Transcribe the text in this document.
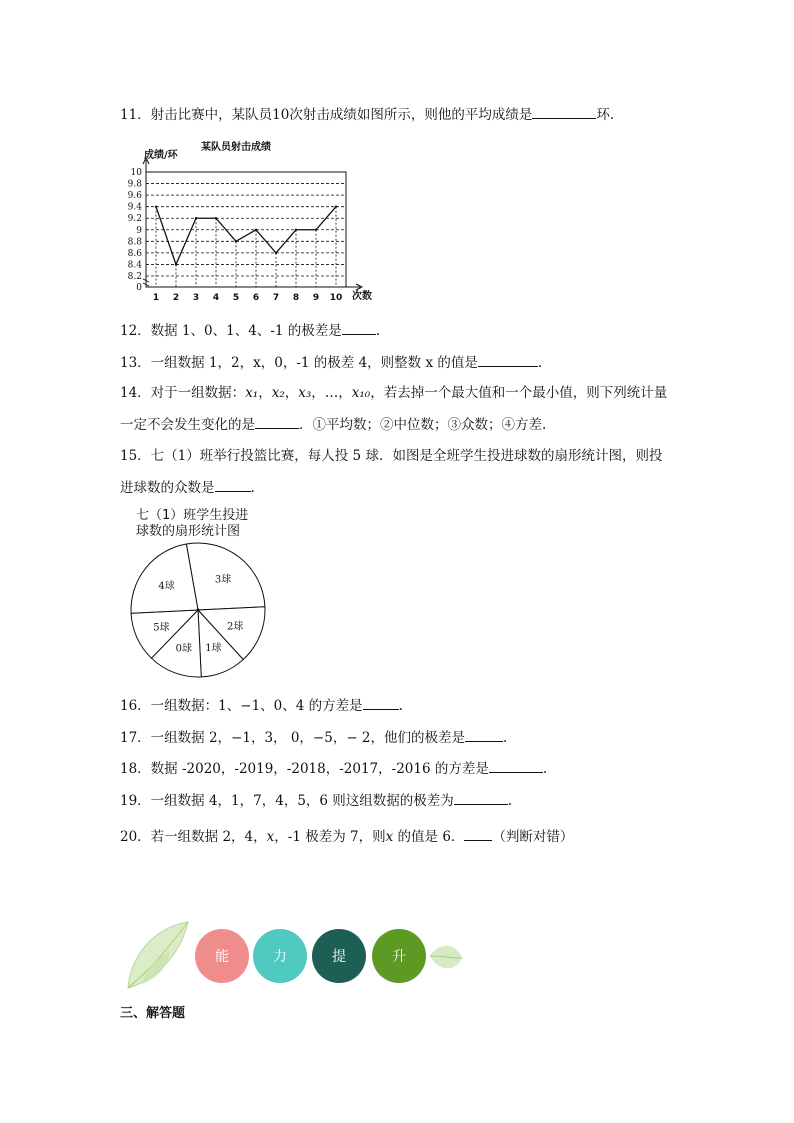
11．射击比赛中，某队员10次射击成绩如图所示，则他的平均成绩是	环.
某队员射击成绩
成绩/环
0
8.2
8.4
8.6
8.8
9
9.2
9.4
9.6
9.8
10
1 2 3 4 5 6 7 8 9 10 次数
12．数据 1、0、1、4、-1 的极差是	.
13．一组数据 1，2，x，0，-1 的极差 4，则整数 x 的值是	.
14．对于一组数据：x₁，x₂，x₃，…，x₁₀，若去掉一个最大值和一个最小值，则下列统计量
一定不会发生变化的是	．①平均数；②中位数；③众数；④方差.
15．七（1）班举行投篮比赛，每人投 5 球．如图是全班学生投进球数的扇形统计图，则投
进球数的众数是	.
七（1）班学生投进
球数的扇形统计图
3球
2球
1球
0球
5球
4球
16．一组数据：1、−1、0、4 的方差是	.
17．一组数据 2，−1，3， 0，−5，− 2，他们的极差是	.
18．数据 -2020，-2019，-2018，-2017，-2016 的方差是	.
19．一组数据 4，1，7，4，5，6 则这组数据的极差为	.
20．若一组数据 2，4，x，-1 极差为 7，则x 的值是 6． （判断对错）
能	力	提	升
三、解答题
